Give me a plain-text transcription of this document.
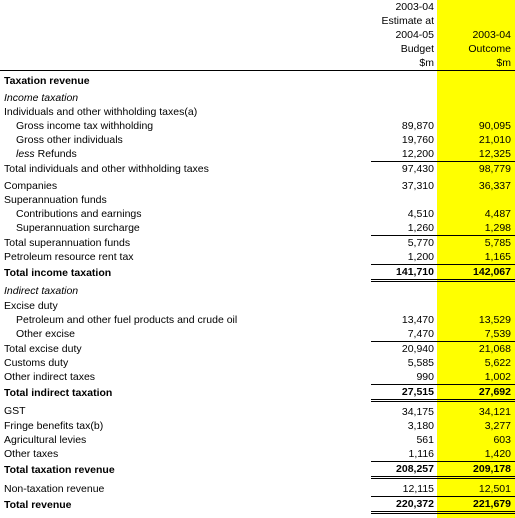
	2003-04	
	Estimate at	
	2004-05	2003-04
	Budget	Outcome
	$m	$m
Taxation revenue		
Income taxation		
Individuals and other withholding taxes(a)		
Gross income tax withholding	89,870	90,095
Gross other individuals	19,760	21,010
less Refunds	12,200	12,325
Total individuals and other withholding taxes	97,430	98,779
Companies	37,310	36,337
Superannuation funds		
Contributions and earnings	4,510	4,487
Superannuation surcharge	1,260	1,298
Total superannuation funds	5,770	5,785
Petroleum resource rent tax	1,200	1,165
Total income taxation	141,710	142,067
Indirect taxation		
Excise duty		
Petroleum and other fuel products and crude oil	13,470	13,529
Other excise	7,470	7,539
Total excise duty	20,940	21,068
Customs duty	5,585	5,622
Other indirect taxes	990	1,002
Total indirect taxation	27,515	27,692
GST	34,175	34,121
Fringe benefits tax(b)	3,180	3,277
Agricultural levies	561	603
Other taxes	1,116	1,420
Total taxation revenue	208,257	209,178
Non-taxation revenue	12,115	12,501
Total revenue	220,372	221,679
